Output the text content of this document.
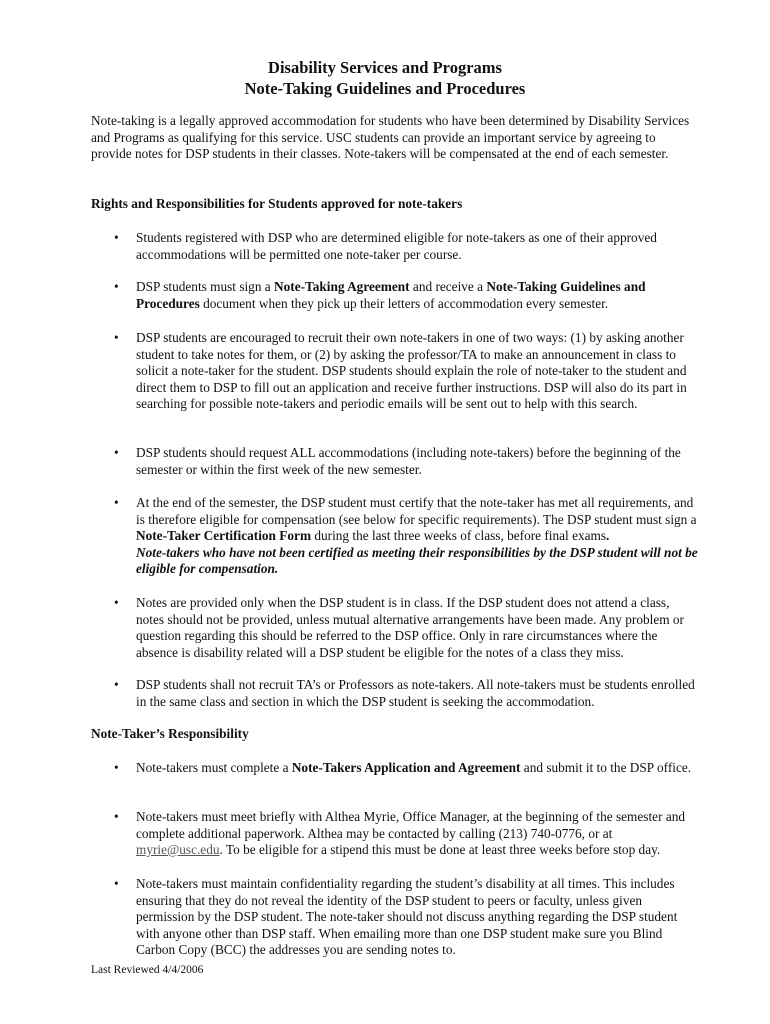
Disability Services and Programs
Note-Taking Guidelines and Procedures

Note-taking is a legally approved accommodation for students who have been determined by Disability Services and Programs as qualifying for this service. USC students can provide an important service by agreeing to provide notes for DSP students in their classes. Note-takers will be compensated at the end of each semester.

Rights and Responsibilities for Students approved for note-takers

• Students registered with DSP who are determined eligible for note-takers as one of their approved accommodations will be permitted one note-taker per course.

• DSP students must sign a Note-Taking Agreement and receive a Note-Taking Guidelines and Procedures document when they pick up their letters of accommodation every semester.

• DSP students are encouraged to recruit their own note-takers in one of two ways: (1) by asking another student to take notes for them, or (2) by asking the professor/TA to make an announcement in class to solicit a note-taker for the student. DSP students should explain the role of note-taker to the student and direct them to DSP to fill out an application and receive further instructions. DSP will also do its part in searching for possible note-takers and periodic emails will be sent out to help with this search.

• DSP students should request ALL accommodations (including note-takers) before the beginning of the semester or within the first week of the new semester.

• At the end of the semester, the DSP student must certify that the note-taker has met all requirements, and is therefore eligible for compensation (see below for specific requirements). The DSP student must sign a Note-Taker Certification Form during the last three weeks of class, before final exams.
Note-takers who have not been certified as meeting their responsibilities by the DSP student will not be eligible for compensation.

• Notes are provided only when the DSP student is in class. If the DSP student does not attend a class, notes should not be provided, unless mutual alternative arrangements have been made. Any problem or question regarding this should be referred to the DSP office. Only in rare circumstances where the absence is disability related will a DSP student be eligible for the notes of a class they miss.

• DSP students shall not recruit TA’s or Professors as note-takers. All note-takers must be students enrolled in the same class and section in which the DSP student is seeking the accommodation.

Note-Taker’s Responsibility

• Note-takers must complete a Note-Takers Application and Agreement and submit it to the DSP office.

• Note-takers must meet briefly with Althea Myrie, Office Manager, at the beginning of the semester and complete additional paperwork. Althea may be contacted by calling (213) 740-0776, or at myrie@usc.edu. To be eligible for a stipend this must be done at least three weeks before stop day.

• Note-takers must maintain confidentiality regarding the student’s disability at all times. This includes ensuring that they do not reveal the identity of the DSP student to peers or faculty, unless given permission by the DSP student. The note-taker should not discuss anything regarding the DSP student with anyone other than DSP staff. When emailing more than one DSP student make sure you Blind Carbon Copy (BCC) the addresses you are sending notes to.

Last Reviewed 4/4/2006
